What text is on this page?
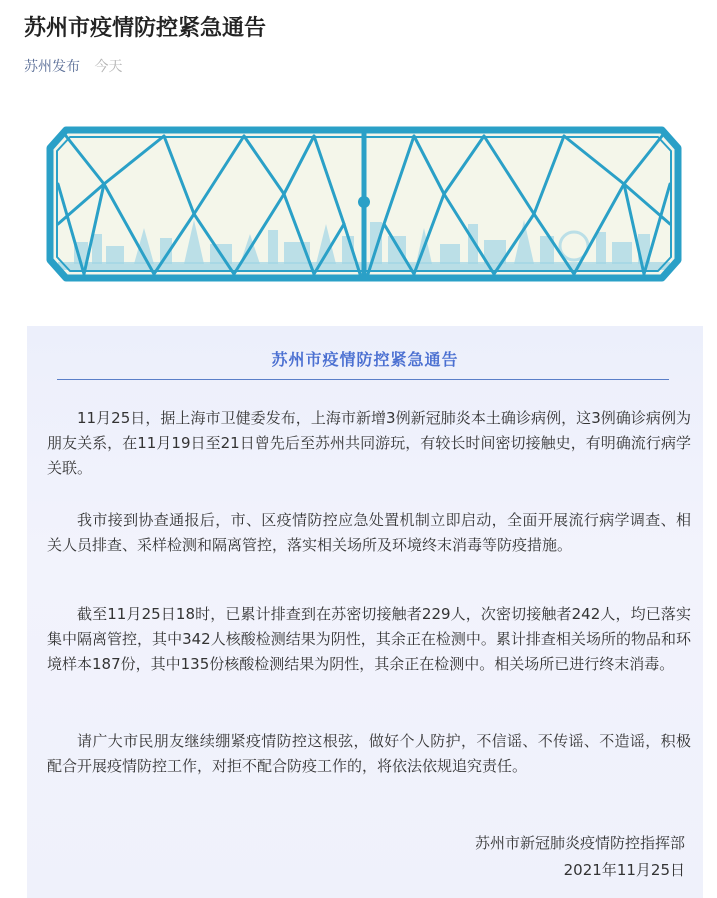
苏州市疫情防控紧急通告
苏州发布 今天
苏州市疫情防控紧急通告

11月25日，据上海市卫健委发布，上海市新增3例新冠肺炎本土确诊病例，这3例确诊病例为朋友关系，在11月19日至21日曾先后至苏州共同游玩，有较长时间密切接触史，有明确流行病学关联。

我市接到协查通报后，市、区疫情防控应急处置机制立即启动，全面开展流行病学调查、相关人员排查、采样检测和隔离管控，落实相关场所及环境终末消毒等防疫措施。

截至11月25日18时，已累计排查到在苏密切接触者229人，次密切接触者242人，均已落实集中隔离管控，其中342人核酸检测结果为阴性，其余正在检测中。累计排查相关场所的物品和环境样本187份，其中135份核酸检测结果为阴性，其余正在检测中。相关场所已进行终末消毒。

请广大市民朋友继续绷紧疫情防控这根弦，做好个人防护，不信谣、不传谣、不造谣，积极配合开展疫情防控工作，对拒不配合防疫工作的，将依法依规追究责任。

苏州市新冠肺炎疫情防控指挥部
2021年11月25日
